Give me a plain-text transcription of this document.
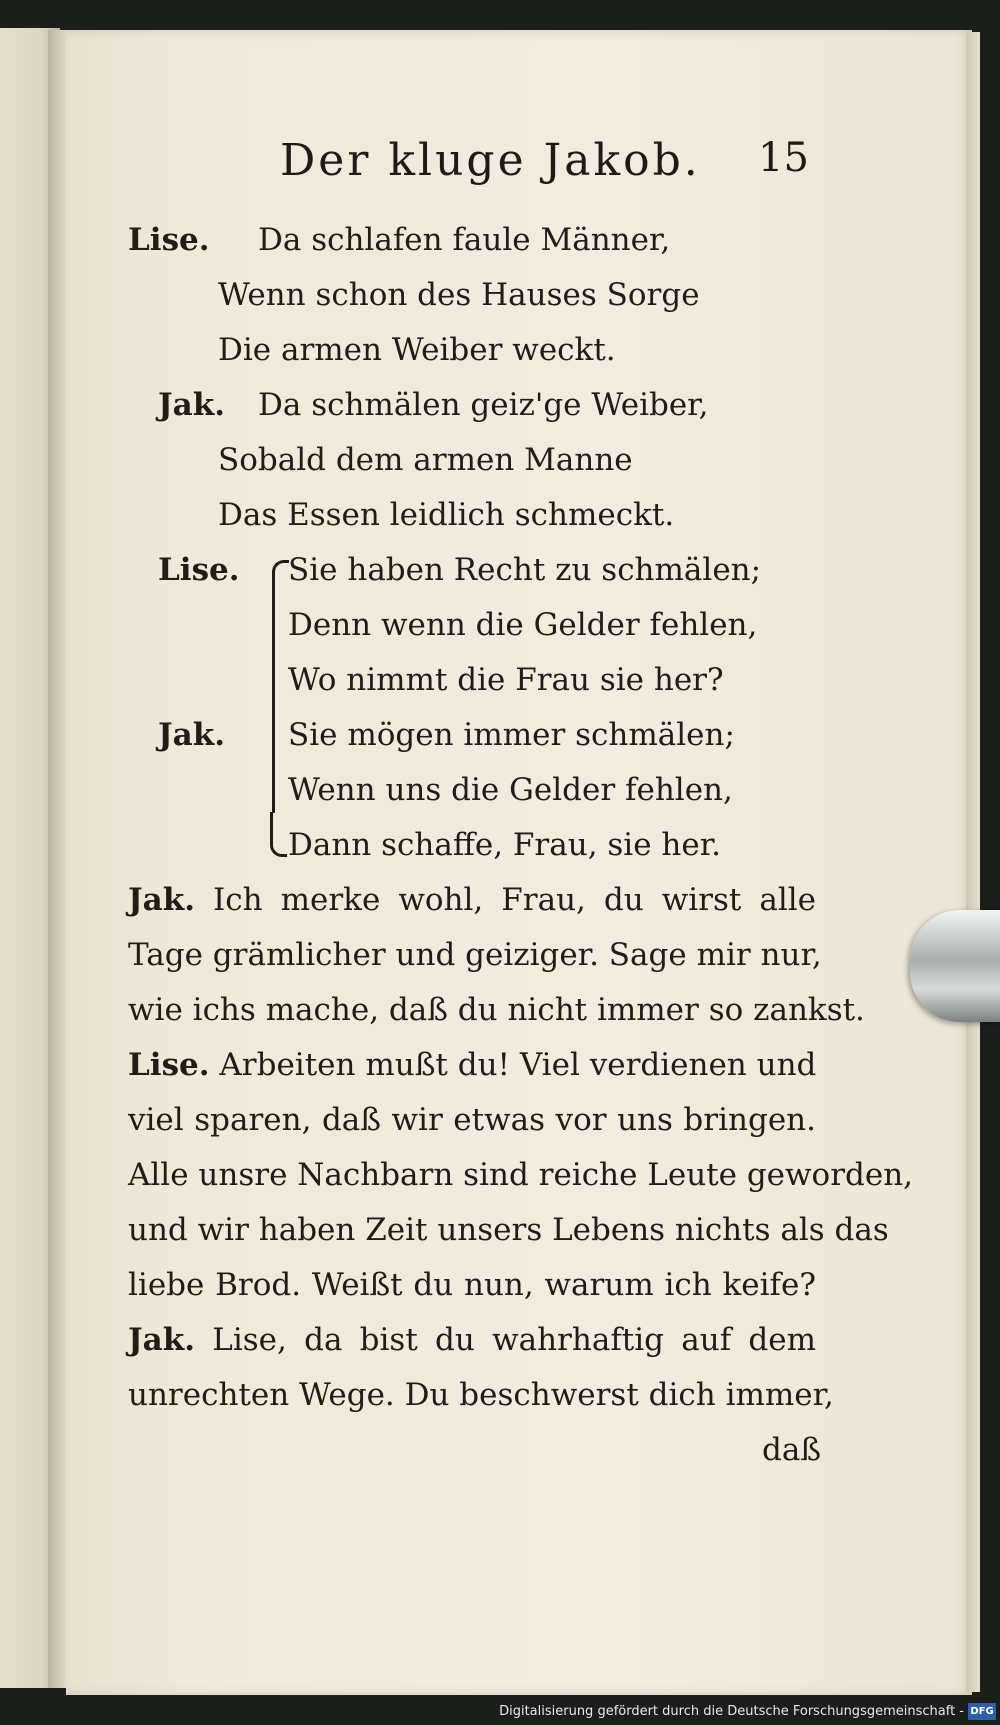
Der kluge Jakob. 15
Lise. Da schlafen faule Männer,
Wenn schon des Hauses Sorge
Die armen Weiber weckt.
Jak. Da schmälen geiz'ge Weiber,
Sobald dem armen Manne
Das Essen leidlich schmeckt.
Lise. Sie haben Recht zu schmälen;
Denn wenn die Gelder fehlen,
Wo nimmt die Frau sie her?
Jak. Sie mögen immer schmälen;
Wenn uns die Gelder fehlen,
Dann schaffe, Frau, sie her.
Jak. Ich merke wohl, Frau, du wirst alle
Tage grämlicher und geiziger. Sage mir nur,
wie ichs mache, daß du nicht immer so zankst.
Lise. Arbeiten mußt du! Viel verdienen und
viel sparen, daß wir etwas vor uns bringen.
Alle unsre Nachbarn sind reiche Leute geworden,
und wir haben Zeit unsers Lebens nichts als das
liebe Brod. Weißt du nun, warum ich keife?
Jak. Lise, da bist du wahrhaftig auf dem
unrechten Wege. Du beschwerst dich immer,
daß
Digitalisierung gefördert durch die Deutsche Forschungsgemeinschaft - DFG
